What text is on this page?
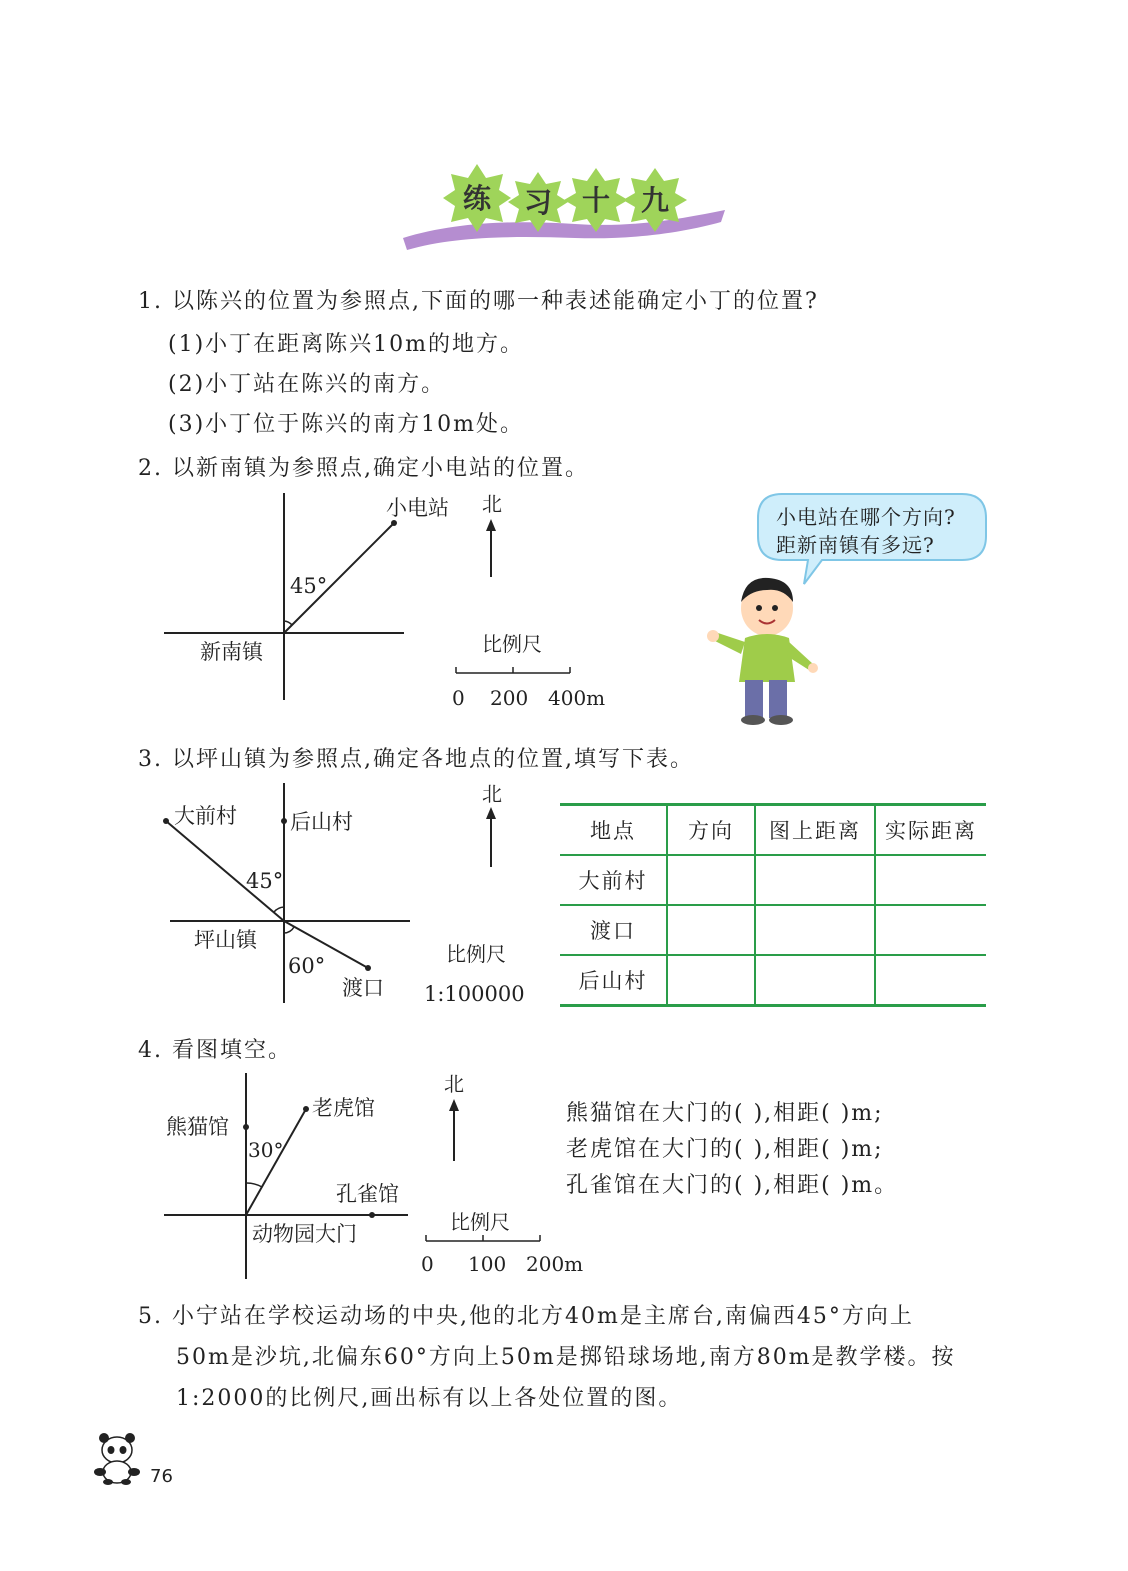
练 习 十 九
1. 以陈兴的位置为参照点,下面的哪一种表述能确定小丁的位置?
(1)小丁在距离陈兴10m的地方。
(2)小丁站在陈兴的南方。
(3)小丁位于陈兴的南方10m处。
2. 以新南镇为参照点,确定小电站的位置。
小电站
45°
新南镇
北
比例尺
0 200 400m
小电站在哪个方向?
距新南镇有多远?
3. 以坪山镇为参照点,确定各地点的位置,填写下表。
大前村	后山村
45°
坪山镇
60°
渡口
北
比例尺
1:100000
地点	方向	图上距离	实际距离
大前村			
渡口			
后山村			
4. 看图填空。
熊猫馆
老虎馆
30°
孔雀馆
动物园大门
北
比例尺
0 100 200m
熊猫馆在大门的( ),相距( )m;
老虎馆在大门的( ),相距( )m;
孔雀馆在大门的( ),相距( )m。
5. 小宁站在学校运动场的中央,他的北方40m是主席台,南偏西45°方向上
50m是沙坑,北偏东60°方向上50m是掷铅球场地,南方80m是教学楼。按
1:2000的比例尺,画出标有以上各处位置的图。
76
